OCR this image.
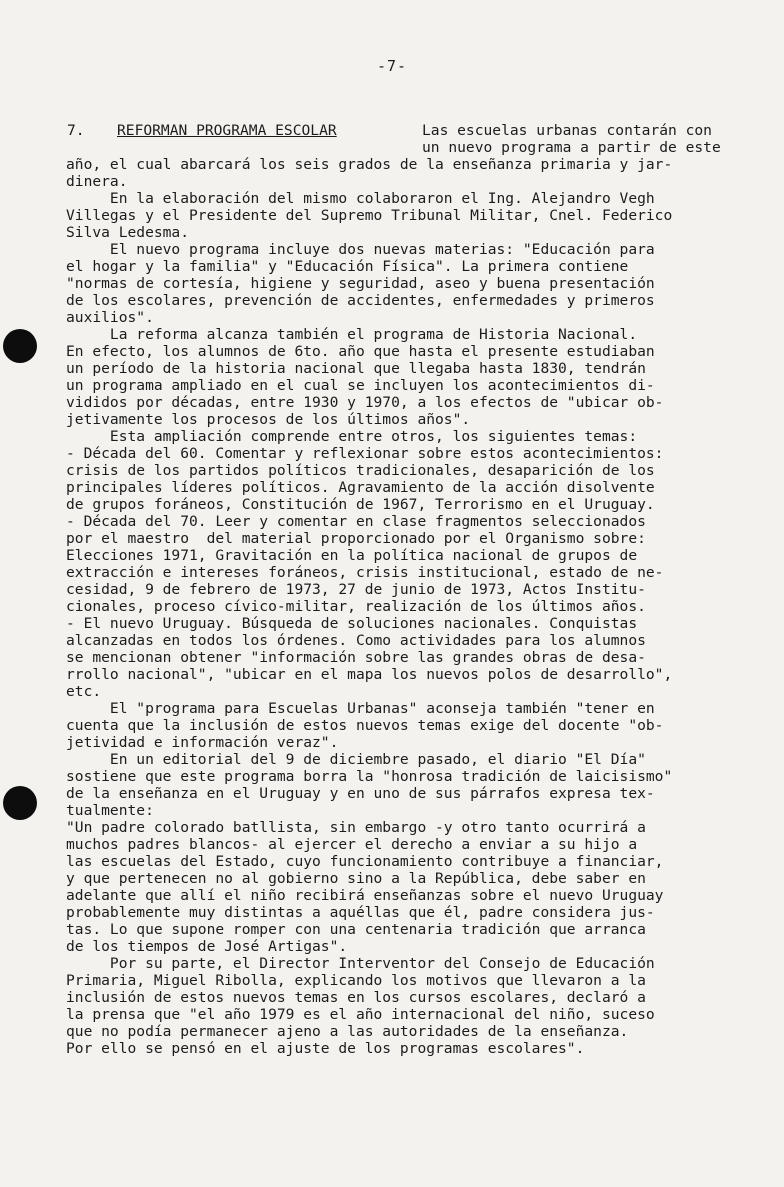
-7-
7. REFORMAN PROGRAMA ESCOLAR	Las escuelas urbanas contarán con
un nuevo programa a partir de este
año, el cual abarcará los seis grados de la enseñanza primaria y jar-
dinera.
En la elaboración del mismo colaboraron el Ing. Alejandro Vegh
Villegas y el Presidente del Supremo Tribunal Militar, Cnel. Federico
Silva Ledesma.
El nuevo programa incluye dos nuevas materias: "Educación para
el hogar y la familia" y "Educación Física". La primera contiene
"normas de cortesía, higiene y seguridad, aseo y buena presentación
de los escolares, prevención de accidentes, enfermedades y primeros
auxilios".
La reforma alcanza también el programa de Historia Nacional.
En efecto, los alumnos de 6to. año que hasta el presente estudiaban
un período de la historia nacional que llegaba hasta 1830, tendrán
un programa ampliado en el cual se incluyen los acontecimientos di-
vididos por décadas, entre 1930 y 1970, a los efectos de "ubicar ob-
jetivamente los procesos de los últimos años".
Esta ampliación comprende entre otros, los siguientes temas:
- Década del 60. Comentar y reflexionar sobre estos acontecimientos:
crisis de los partidos políticos tradicionales, desaparición de los
principales líderes políticos. Agravamiento de la acción disolvente
de grupos foráneos, Constitución de 1967, Terrorismo en el Uruguay.
- Década del 70. Leer y comentar en clase fragmentos seleccionados
por el maestro  del material proporcionado por el Organismo sobre:
Elecciones 1971, Gravitación en la política nacional de grupos de
extracción e intereses foráneos, crisis institucional, estado de ne-
cesidad, 9 de febrero de 1973, 27 de junio de 1973, Actos Institu-
cionales, proceso cívico-militar, realización de los últimos años.
- El nuevo Uruguay. Búsqueda de soluciones nacionales. Conquistas
alcanzadas en todos los órdenes. Como actividades para los alumnos
se mencionan obtener "información sobre las grandes obras de desa-
rrollo nacional", "ubicar en el mapa los nuevos polos de desarrollo",
etc.
El "programa para Escuelas Urbanas" aconseja también "tener en
cuenta que la inclusión de estos nuevos temas exige del docente "ob-
jetividad e información veraz".
En un editorial del 9 de diciembre pasado, el diario "El Día"
sostiene que este programa borra la "honrosa tradición de laicisismo"
de la enseñanza en el Uruguay y en uno de sus párrafos expresa tex-
tualmente:
"Un padre colorado batllista, sin embargo -y otro tanto ocurrirá a
muchos padres blancos- al ejercer el derecho a enviar a su hijo a
las escuelas del Estado, cuyo funcionamiento contribuye a financiar,
y que pertenecen no al gobierno sino a la República, debe saber en
adelante que allí el niño recibirá enseñanzas sobre el nuevo Uruguay
probablemente muy distintas a aquéllas que él, padre considera jus-
tas. Lo que supone romper con una centenaria tradición que arranca
de los tiempos de José Artigas".
Por su parte, el Director Interventor del Consejo de Educación
Primaria, Miguel Ribolla, explicando los motivos que llevaron a la
inclusión de estos nuevos temas en los cursos escolares, declaró a
la prensa que "el año 1979 es el año internacional del niño, suceso
que no podía permanecer ajeno a las autoridades de la enseñanza.
Por ello se pensó en el ajuste de los programas escolares".
